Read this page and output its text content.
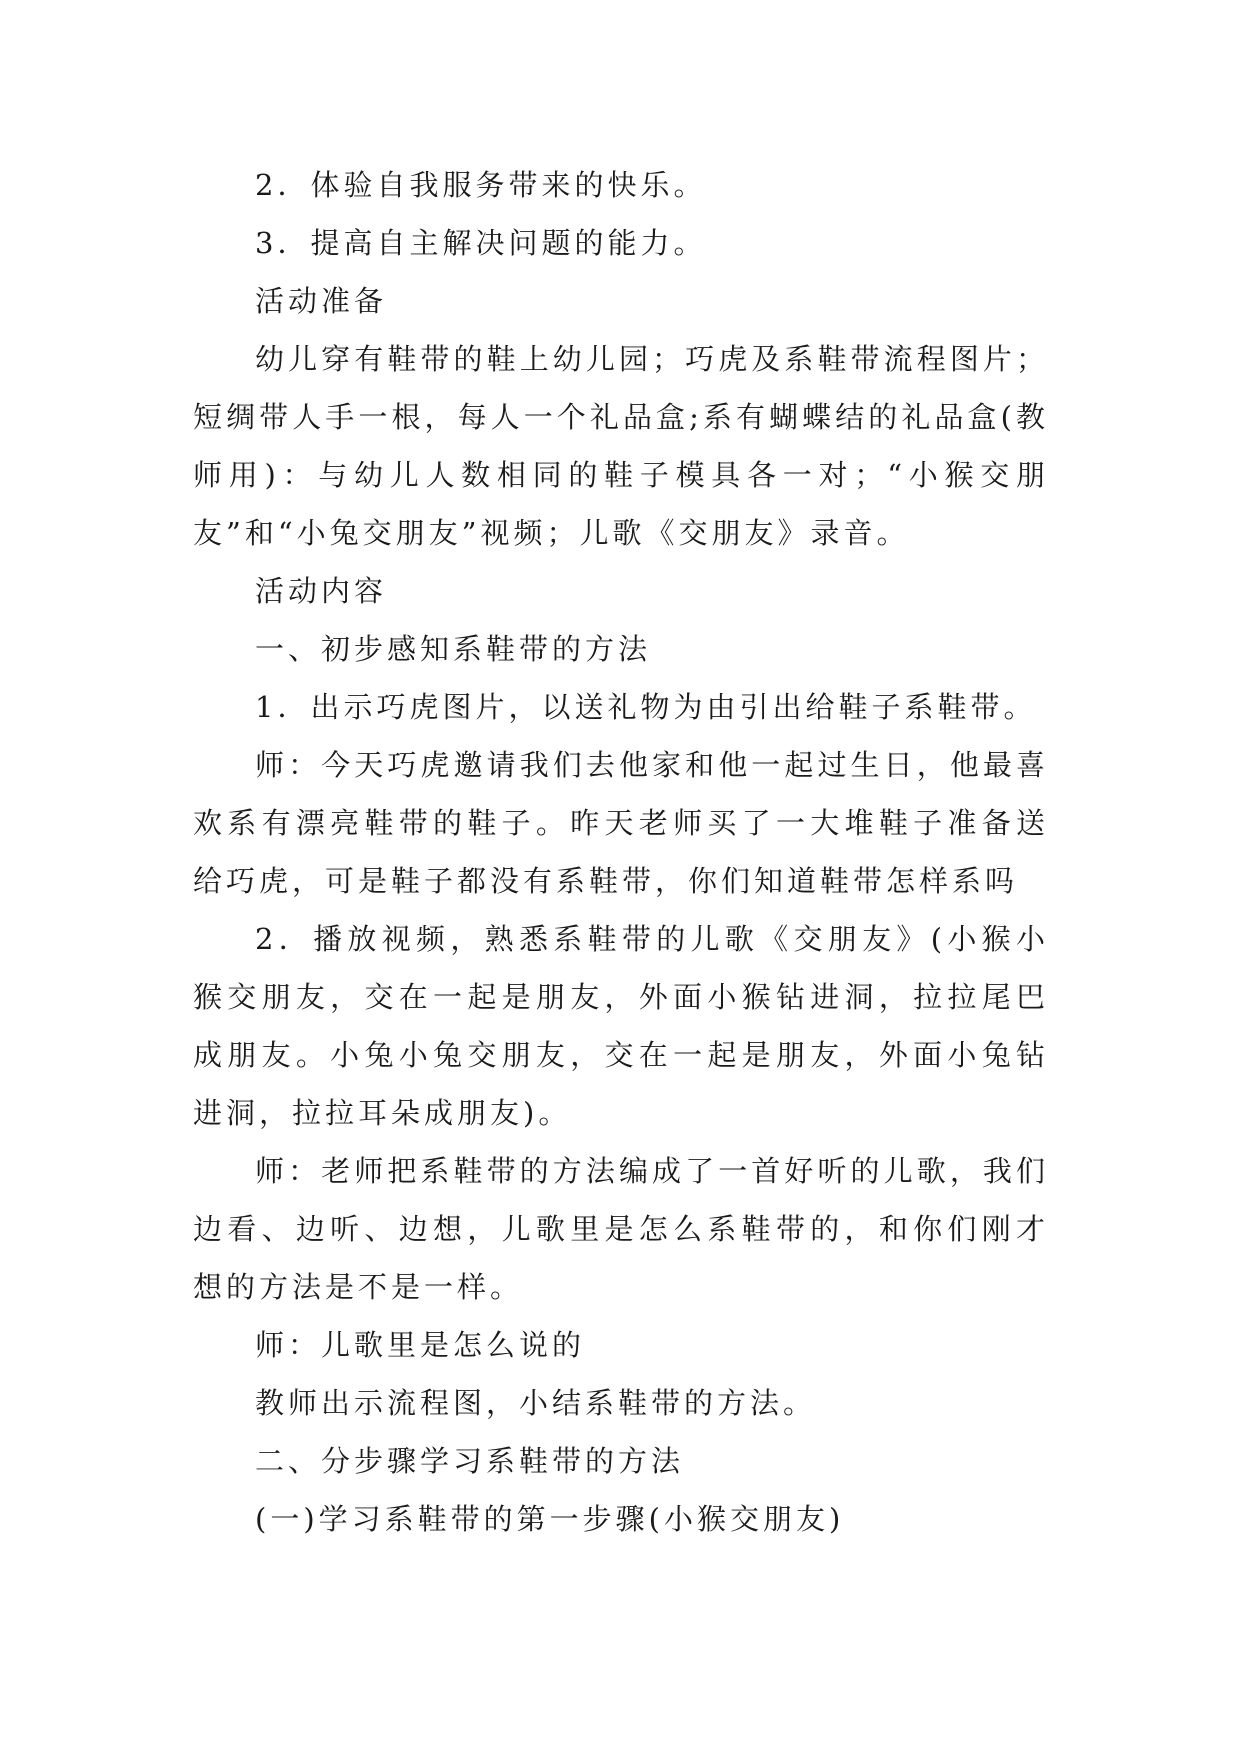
2．体验自我服务带来的快乐。

3．提高自主解决问题的能力。

活动准备

幼儿穿有鞋带的鞋上幼儿园；巧虎及系鞋带流程图片；短绸带人手一根，每人一个礼品盒;系有蝴蝶结的礼品盒(教师用)：与幼儿人数相同的鞋子模具各一对；“小猴交朋友”和“小兔交朋友”视频；儿歌《交朋友》录音。

活动内容

一、初步感知系鞋带的方法

1．出示巧虎图片，以送礼物为由引出给鞋子系鞋带。

师：今天巧虎邀请我们去他家和他一起过生日，他最喜欢系有漂亮鞋带的鞋子。昨天老师买了一大堆鞋子准备送给巧虎，可是鞋子都没有系鞋带，你们知道鞋带怎样系吗

2．播放视频，熟悉系鞋带的儿歌《交朋友》(小猴小猴交朋友，交在一起是朋友，外面小猴钻进洞，拉拉尾巴成朋友。小兔小兔交朋友，交在一起是朋友，外面小兔钻进洞，拉拉耳朵成朋友)。

师：老师把系鞋带的方法编成了一首好听的儿歌，我们边看、边听、边想，儿歌里是怎么系鞋带的，和你们刚才想的方法是不是一样。

师：儿歌里是怎么说的

教师出示流程图，小结系鞋带的方法。

二、分步骤学习系鞋带的方法

(一)学习系鞋带的第一步骤(小猴交朋友)
